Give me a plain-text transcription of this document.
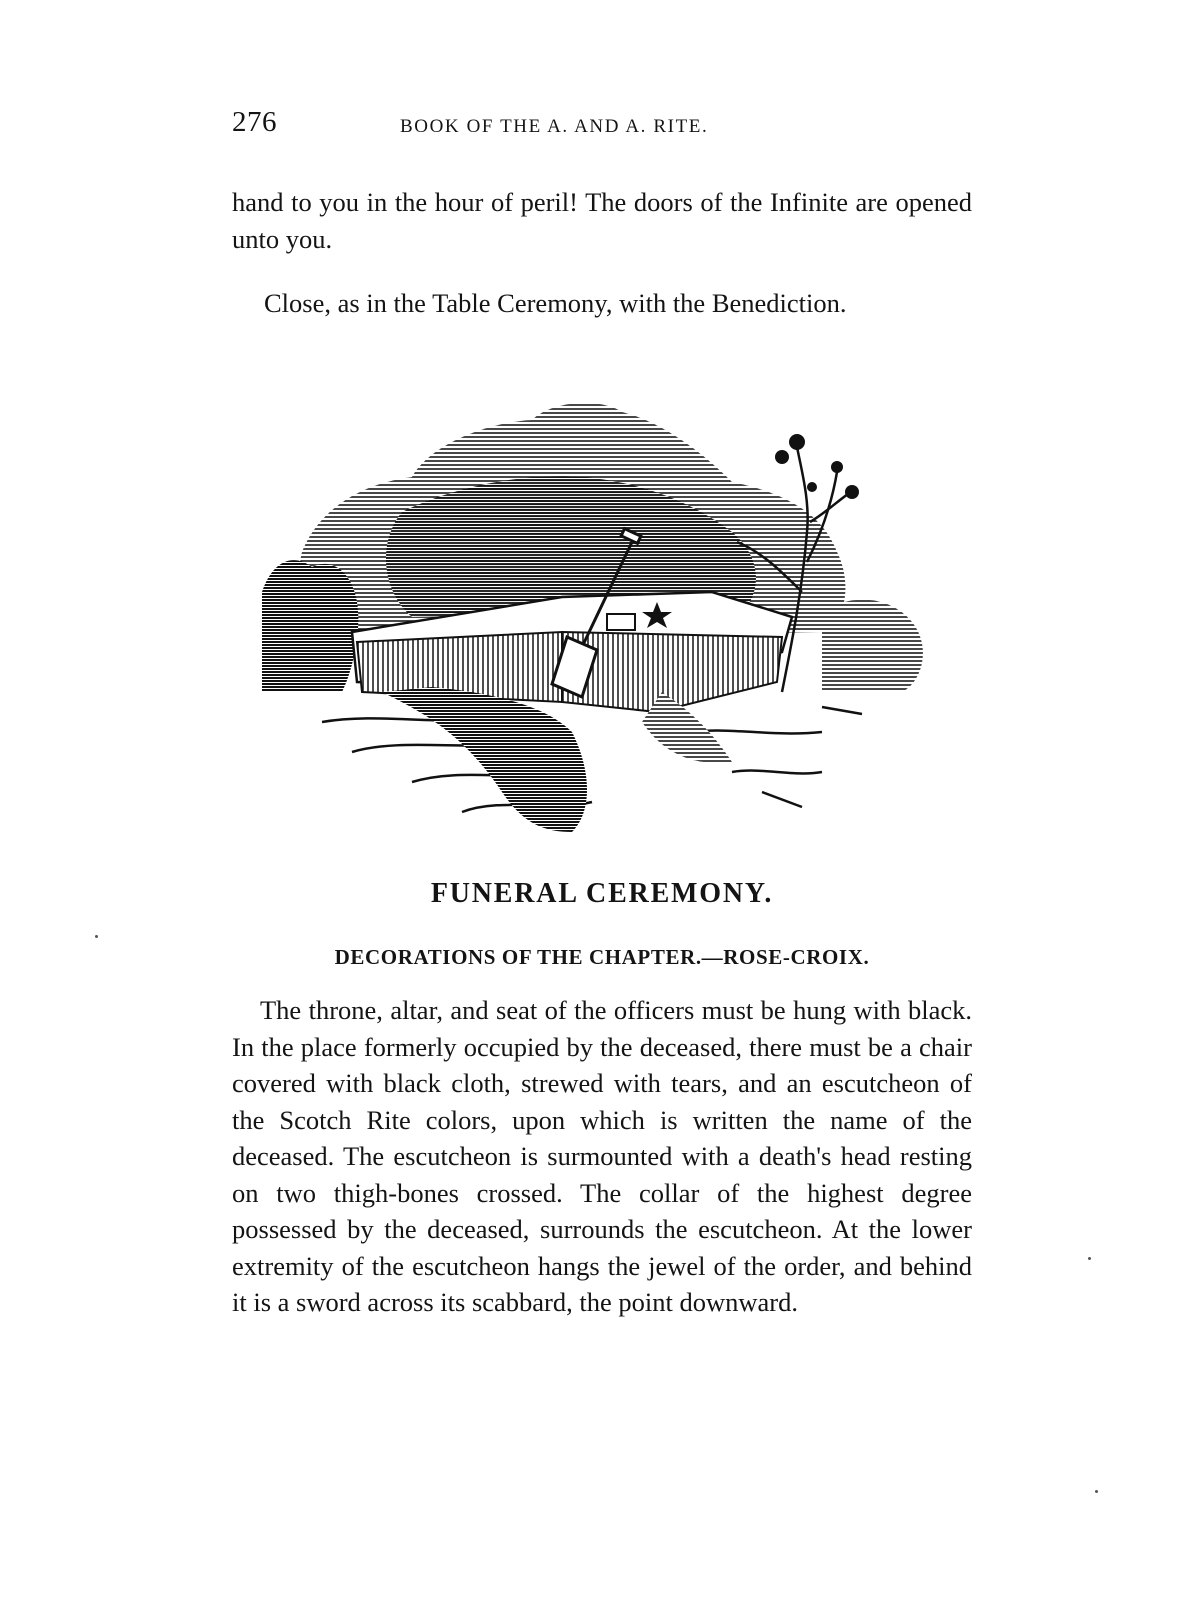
276	BOOK OF THE A. AND A. RITE.

hand to you in the hour of peril! The doors of the Infinite are opened unto you.

Close, as in the Table Ceremony, with the Benediction.

FUNERAL CEREMONY.
DECORATIONS OF THE CHAPTER.—ROSE-CROIX.

The throne, altar, and seat of the officers must be hung with black. In the place formerly occupied by the deceased, there must be a chair covered with black cloth, strewed with tears, and an escutcheon of the Scotch Rite colors, upon which is written the name of the deceased. The escutcheon is surmounted with a death's head resting on two thigh-bones crossed. The collar of the highest degree possessed by the deceased, surrounds the escutcheon. At the lower extremity of the escutcheon hangs the jewel of the order, and behind it is a sword across its scabbard, the point downward.
